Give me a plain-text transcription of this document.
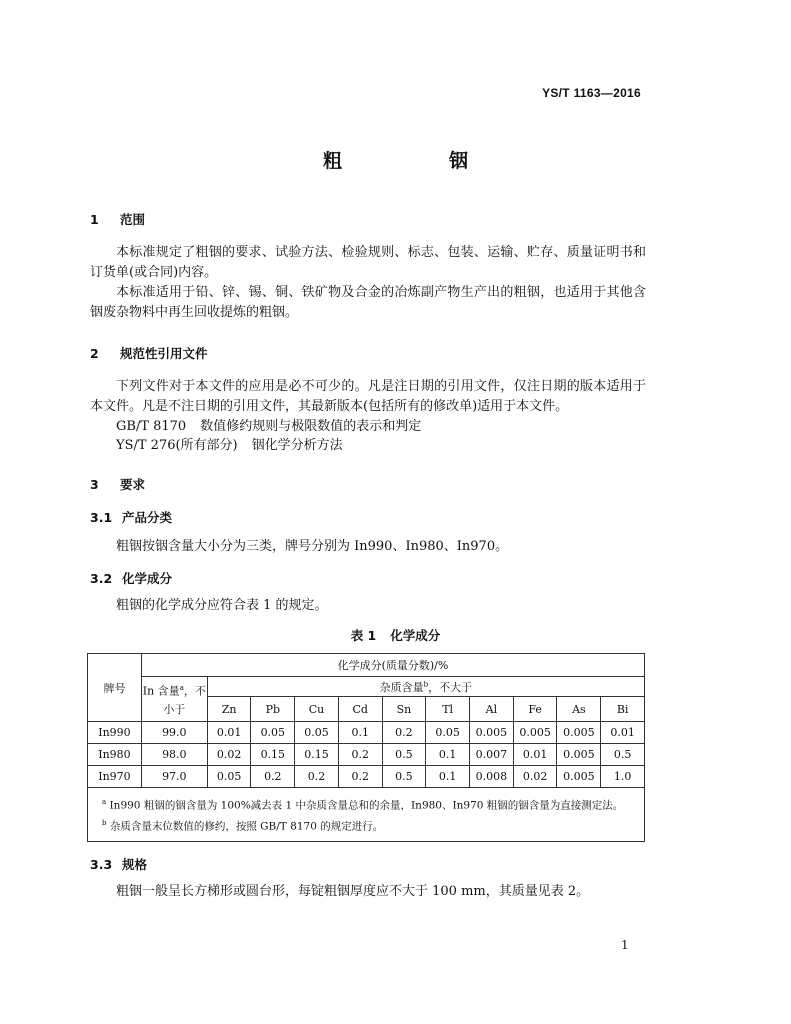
YS/T 1163—2016
粗　铟
1 范围
本标准规定了粗铟的要求、试验方法、检验规则、标志、包装、运输、贮存、质量证明书和订货单(或合同)内容。
本标准适用于铅、锌、锡、铜、铁矿物及合金的冶炼副产物生产出的粗铟，也适用于其他含铟废杂物料中再生回收提炼的粗铟。
2 规范性引用文件
下列文件对于本文件的应用是必不可少的。凡是注日期的引用文件，仅注日期的版本适用于本文件。凡是不注日期的引用文件，其最新版本(包括所有的修改单)适用于本文件。
GB/T 8170 数值修约规则与极限数值的表示和判定
YS/T 276(所有部分) 铟化学分析方法
3 要求
3.1 产品分类
粗铟按铟含量大小分为三类，牌号分别为 In990、In980、In970。
3.2 化学成分
粗铟的化学成分应符合表 1 的规定。
表 1 化学成分
牌号	化学成分(质量分数)/%										
	In 含量$^a$，不小于	杂质含量$^b$，不大于									
		Zn	Pb	Cu	Cd	Sn	Tl	Al	Fe	As	Bi
In990	99.0	0.01	0.05	0.05	0.1	0.2	0.05	0.005	0.005	0.005	0.01
In980	98.0	0.02	0.15	0.15	0.2	0.5	0.1	0.007	0.01	0.005	0.5
In970	97.0	0.05	0.2	0.2	0.2	0.5	0.1	0.008	0.02	0.005	1.0

$^a$ In990 粗铟的铟含量为 100%减去表 1 中杂质含量总和的余量，In980、In970 粗铟的铟含量为直接测定法。
$^b$ 杂质含量末位数值的修约，按照 GB/T 8170 的规定进行。											
3.3 规格
粗铟一般呈长方梯形或圆台形，每锭粗铟厚度应不大于 100 mm，其质量见表 2。
1
